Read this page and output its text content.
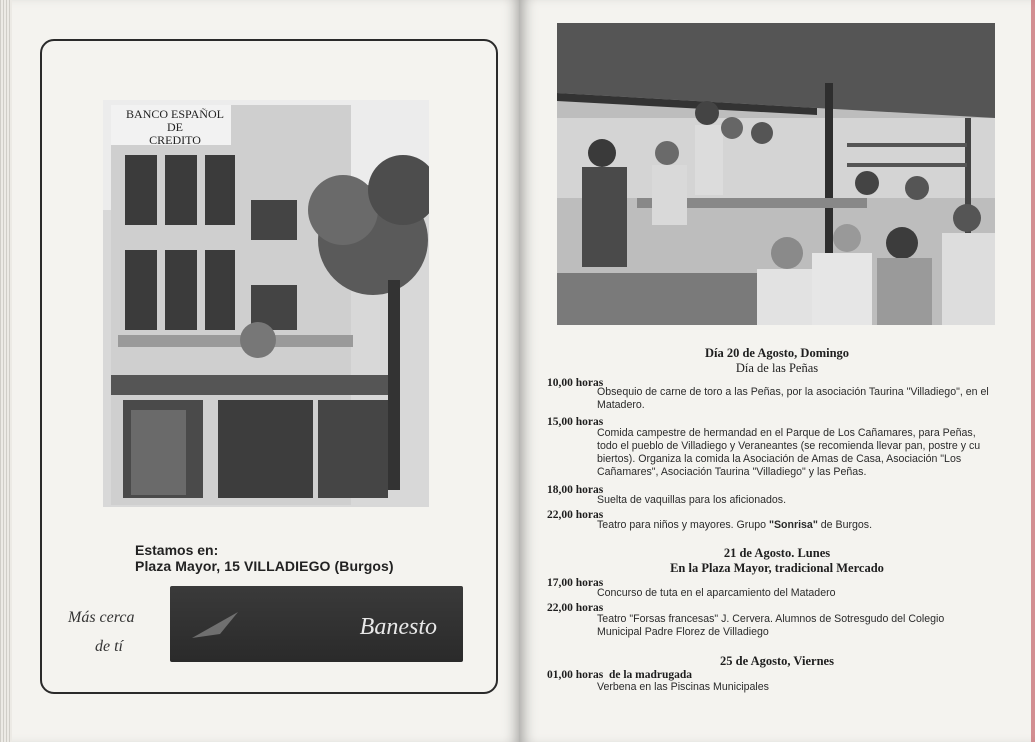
BANCO ESPAÑOL
DE
CREDITO
Estamos en:
Plaza Mayor, 15 VILLADIEGO (Burgos)
Más cerca
de tí
Banesto
Día 20 de Agosto, Domingo
Día de las Peñas
10,00 horas
Obsequio de carne de toro a las Peñas, por la asociación Taurina "Villadiego", en el
Matadero.
15,00 horas
Comida campestre de hermandad en el Parque de Los Cañamares, para Peñas,
todo el pueblo de Villadiego y Veraneantes (se recomienda llevar pan, postre y cu
biertos). Organiza la comida la Asociación de Amas de Casa, Asociación "Los
Cañamares", Asociación Taurina "Villadiego" y las Peñas.
18,00 horas
Suelta de vaquillas para los aficionados.
22,00 horas
Teatro para niños y mayores. Grupo "Sonrisa" de Burgos.
21 de Agosto. Lunes
En la Plaza Mayor, tradicional Mercado
17,00 horas
Concurso de tuta en el aparcamiento del Matadero
22,00 horas
Teatro "Forsas francesas" J. Cervera. Alumnos de Sotresgudo del Colegio
Municipal Padre Florez de Villadiego
25 de Agosto, Viernes
01,00 horas de la madrugada
Verbena en las Piscinas Municipales
